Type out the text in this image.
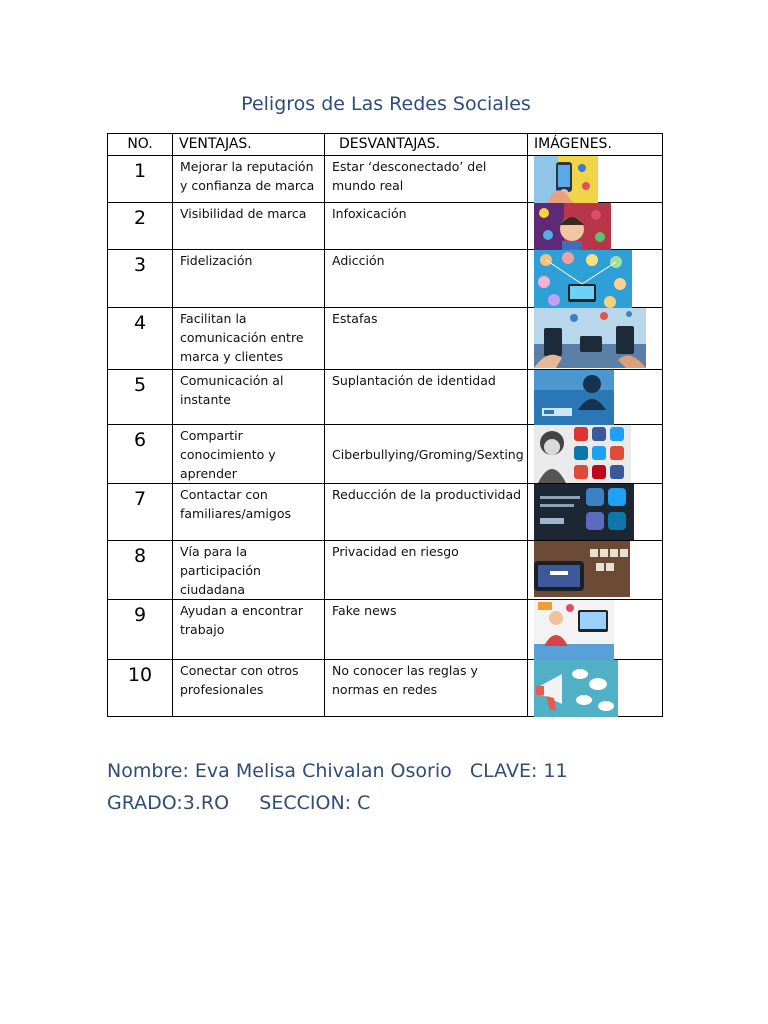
Peligros de Las Redes Sociales
NO.	VENTAJAS.	DESVANTAJAS.	IMÁGENES.
1	Mejorar la reputación y confianza de marca	Estar ‘desconectado’ del mundo real	

2	Visibilidad de marca	Infoxicación	

3	Fidelización	Adicción	

4	Facilitan la comunicación entre marca y clientes	Estafas	

5	Comunicación al instante	Suplantación de identidad	

6	Compartir conocimiento y aprender	Ciberbullying/Groming/Sexting	

7	Contactar con familiares/amigos	Reducción de la productividad	

8	Vía para la participación ciudadana	Privacidad en riesgo	

9	Ayudan a encontrar trabajo	Fake news	

10	Conectar con otros profesionales	No conocer las reglas y normas en redes	
Nombre: Eva Melisa Chivalan Osorio   CLAVE: 11
GRADO:3.RO     SECCION: C
